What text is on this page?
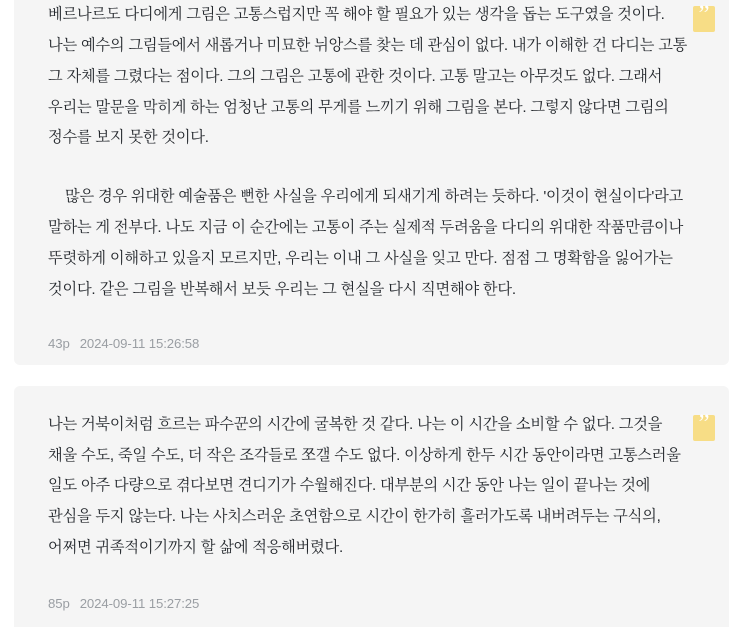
”

베르나르도 다디에게 그림은 고통스럽지만 꼭 해야 할 필요가 있는 생각을 돕는 도구였을 것이다. 나는 예수의 그림들에서 새롭거나 미묘한 뉘앙스를 찾는 데 관심이 없다. 내가 이해한 건 다디는 고통 그 자체를 그렸다는 점이다. 그의 그림은 고통에 관한 것이다. 고통 말고는 아무것도 없다. 그래서 우리는 말문을 막히게 하는 엄청난 고통의 무게를 느끼기 위해 그림을 본다. 그렇지 않다면 그림의 정수를 보지 못한 것이다.

많은 경우 위대한 예술품은 뻔한 사실을 우리에게 되새기게 하려는 듯하다. '이것이 현실이다'라고 말하는 게 전부다. 나도 지금 이 순간에는 고통이 주는 실제적 두려움을 다디의 위대한 작품만큼이나 뚜렷하게 이해하고 있을지 모르지만, 우리는 이내 그 사실을 잊고 만다. 점점 그 명확함을 잃어가는 것이다. 같은 그림을 반복해서 보듯 우리는 그 현실을 다시 직면해야 한다.

43p 2024-09-11 15:26:58
”

나는 거북이처럼 흐르는 파수꾼의 시간에 굴복한 것 같다. 나는 이 시간을 소비할 수 없다. 그것을 채울 수도, 죽일 수도, 더 작은 조각들로 쪼갤 수도 없다. 이상하게 한두 시간 동안이라면 고통스러울 일도 아주 다량으로 겪다보면 견디기가 수월해진다. 대부분의 시간 동안 나는 일이 끝나는 것에 관심을 두지 않는다. 나는 사치스러운 초연함으로 시간이 한가히 흘러가도록 내버려두는 구식의, 어쩌면 귀족적이기까지 할 삶에 적응해버렸다.

85p 2024-09-11 15:27:25
